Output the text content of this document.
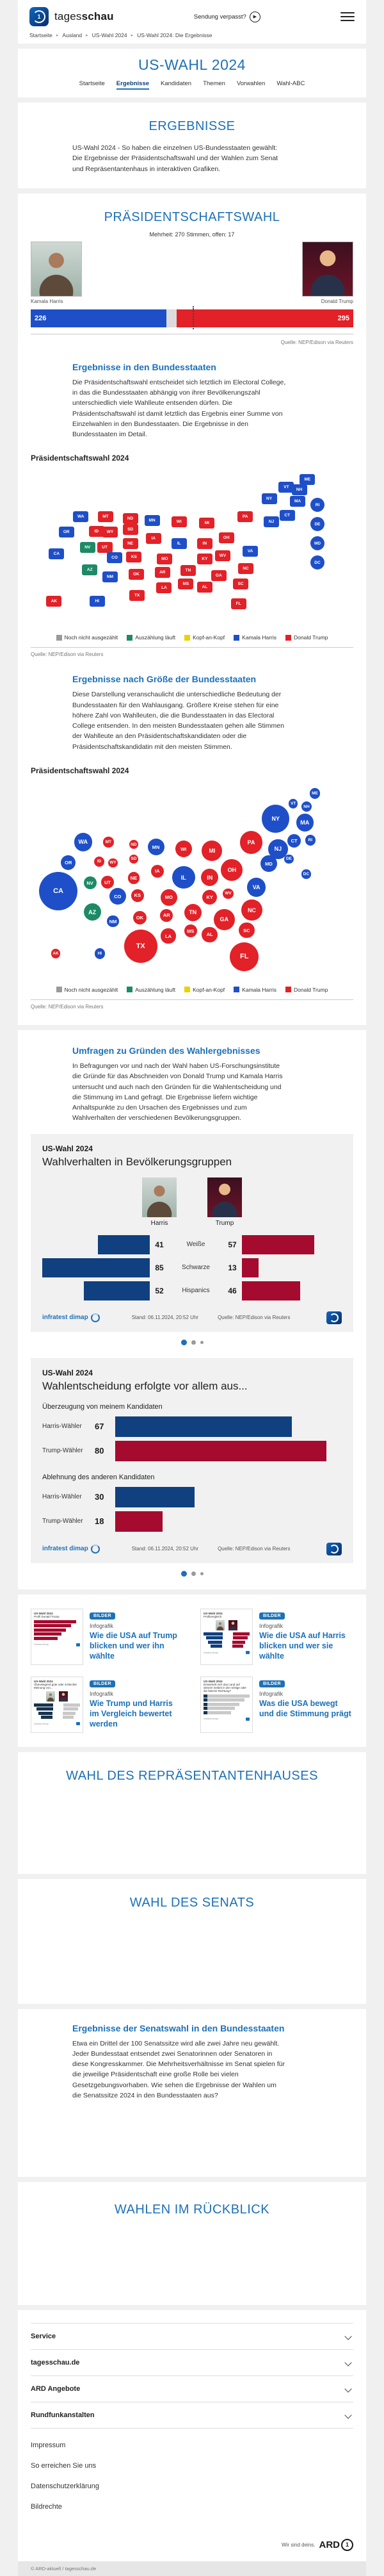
1	tagesschau	Sendung verpasst?	▶
Startseite ▸ Ausland ▸ US-Wahl 2024 ▸ US-Wahl 2024: Die Ergebnisse
US-WAHL 2024
Startseite Ergebnisse Kandidaten Themen Vorwahlen Wahl-ABC
ERGEBNISSE

US-Wahl 2024 - So haben die einzelnen US-Bundesstaaten gewählt: Die Ergebnisse der Präsidentschaftswahl und der Wahlen zum Senat und Repräsentantenhaus in interaktiven Grafiken.

PRÄSIDENTSCHAFTSWAHL
Mehrheit: 270 Stimmen, offen: 17
Kamala Harris	Donald Trump
226	295
Quelle: NEP/Edison via Reuters
Ergebnisse in den Bundesstaaten

Die Präsidentschaftswahl entscheidet sich letztlich im Electoral College, in das die Bundesstaaten abhängig von ihrer Bevölkerungszahl unterschiedlich viele Wahlleute entsenden dürfen. Die Präsidentschaftswahl ist damit letztlich das Ergebnis einer Summe von Einzelwahlen in den Bundesstaaten. Die Ergebnisse in den Bundesstaaten im Detail.

Präsidentschaftswahl 2024
WA
OR
CA
NV
AZ
ID
UT
MT
WY
CO
NM
ND
SD
NE
KS
OK
TX
MN
IA
MO
AR
LA
WI
IL
MS
TN
MI
IN
KY
AL
OH
WV
GA
FL
SC
NC
VA
PA
NY
NJ
MD
DE
DC
CT
RI
MA
VT
NH
ME
AK	HI
Noch nicht ausgezählt	Auszählung läuft	Kopf-an-Kopf	Kamala Harris	Donald Trump
Quelle: NEP/Edison via Reuters
Ergebnisse nach Größe der Bundesstaaten

Diese Darstellung veranschaulicht die unterschiedliche Bedeutung der Bundesstaaten für den Wahlausgang. Größere Kreise stehen für eine höhere Zahl von Wahlleuten, die die Bundesstaaten in das Electoral College entsenden. In den meisten Bundesstaaten gehen alle Stimmen der Wahlleute an den Präsidentschaftskandidaten oder die Präsidentschaftskandidatin mit den meisten Stimmen.

Präsidentschaftswahl 2024
WA
OR
CA
NV
AZ
ID
UT
MT
WY
CO
NM
ND
SD
NE
KS
OK
TX
MN
IA
MO
AR
LA
WI
IL
MS
TN
MI
IN
KY
AL
OH
WV
GA
FL
SC
NC
VA
PA
NY
NJ
MD
DE
DC
CT	RI
MA
VT
NH
ME
AK	HI
Noch nicht ausgezählt	Auszählung läuft	Kopf-an-Kopf	Kamala Harris	Donald Trump
Quelle: NEP/Edison via Reuters
Umfragen zu Gründen des Wahlergebnisses

In Befragungen vor und nach der Wahl haben US-Forschungsinstitute die Gründe für das Abschneiden von Donald Trump und Kamala Harris untersucht und auch nach den Gründen für die Wahlentscheidung und die Stimmung im Land gefragt. Die Ergebnisse liefern wichtige Anhaltspunkte zu den Ursachen des Ergebnisses und zum Wahlverhalten der verschiedenen Bevölkerungsgruppen.

US-Wahl 2024
Wahlverhalten in Bevölkerungsgruppen
Harris	Trump
41	Weiße	57
85	Schwarze	13
52	Hispanics	46
infratest dimap	Stand: 06.11.2024, 20:52 Uhr	Quelle: NEP/Edison via Reuters
US-Wahl 2024
Wahlentscheidung erfolgte vor allem aus...
Überzeugung von meinem Kandidaten
Harris-Wähler	67
Trump-Wähler	80
Ablehnung des anderen Kandidaten
Harris-Wähler	30
Trump-Wähler	18
infratest dimap	Stand: 06.11.2024, 20:52 Uhr	Quelle: NEP/Edison via Reuters
US-Wahl 2024
Profil Donald Trump
infratest dimap
BILDER
Infografik
Wie die USA auf Trump blicken und wer ihn wählte
US-Wahl 2024
Profilvergleich
infratest dimap
BILDER
Infografik
Wie die USA auf Harris blicken und wer sie wählte
US-Wahl 2024
Überwiegend gute oder schlechte Meinung von...
infratest dimap
BILDER
Infografik
Wie Trump und Harris im Vergleich bewertet werden
US-Wahl 2024
Entwickelt sich das Land auf diesem Gebiet in die richtige oder die falsche Richtung?
infratest dimap
BILDER
Infografik
Was die USA bewegt und die Stimmung prägt
WAHL DES REPRÄSENTANTENHAUSES
WAHL DES SENATS
Ergebnisse der Senatswahl in den Bundesstaaten

Etwa ein Drittel der 100 Senatssitze wird alle zwei Jahre neu gewählt. Jeder Bundesstaat entsendet zwei Senatorinnen oder Senatoren in diese Kongresskammer. Die Mehrheitsverhältnisse im Senat spielen für die jeweilige Präsidentschaft eine große Rolle bei vielen Gesetzgebungsvorhaben. Wie sehen die Ergebnisse der Wahlen um die Senatssitze 2024 in den Bundesstaaten aus?

WAHLEN IM RÜCKBLICK
Service
tagesschau.de
ARD Angebote
Rundfunkanstalten
Impressum
So erreichen Sie uns
Datenschutzerklärung
Bildrechte
Wir sind deins. ARD 1
© ARD-aktuell / tagesschau.de
